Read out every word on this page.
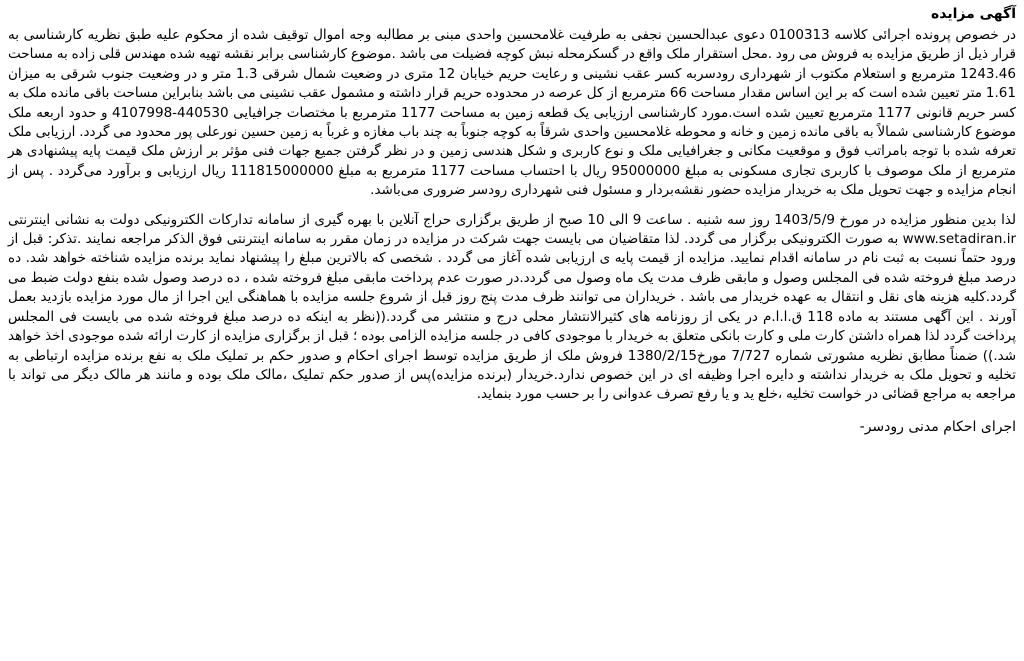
آگهی مزایده

در خصوص پرونده اجرائی کلاسه 0100313 دعوی عبدالحسین نجفی به طرفیت غلامحسین واحدی مبنی بر مطالبه وجه اموال توقیف شده از محکوم علیه طبق نظریه کارشناسی به قرار ذیل از طریق مزایده به فروش می رود .محل استقرار ملک واقع در گسکرمحله نبش کوچه فضیلت می باشد .موضوع کارشناسی برابر نقشه تهیه شده مهندس قلی زاده به مساحت 1243.46 مترمربع و استعلام مکتوب از شهرداری رودسربه کسر عقب نشینی و رعایت حریم خیابان 12 متری در وضعیت شمال شرقی 1.3 متر و در وضعیت جنوب شرقی به میزان 1.61 متر تعیین شده است که بر این اساس مقدار مساحت 66 مترمربع از کل عرصه در محدوده حریم قرار داشته و مشمول عقب نشینی می باشد بنابراین مساحت باقی مانده ملک به کسر حریم قانونی 1177 مترمربع تعیین شده است.مورد کارشناسی ارزیابی یک قطعه زمین به مساحت 1177 مترمربع با مختصات جرافیایی 440530-4107998 و حدود اربعه ملک موضوع کارشناسی شمالاً به باقی مانده زمین و خانه و محوطه غلامحسین واحدی شرقاً به کوچه جنوباً به چند باب مغازه و غرباً به زمین حسین نورعلی پور محدود می گردد. ارزیابی ملک تعرفه شده با توجه بامراتب فوق و موقعیت مکانی و جغرافیایی ملک و نوع کاربری و شکل هندسی زمین و در نظر گرفتن جمیع جهات فنی مؤثر بر ارزش ملک قیمت پایه پیشنهادی هر مترمربع از ملک موصوف با کاربری تجاری مسکونی به مبلغ 95000000 ریال با احتساب مساحت 1177 مترمربع به مبلغ 111815000000 ریال ارزیابی و برآورد می‌گردد . پس از انجام مزایده و جهت تحویل ملک به خریدار مزایده حضور نقشه‌بردار و مسئول فنی شهرداری رودسر ضروری می‌باشد.

لذا بدین منظور مزایده در مورخ 1403/5/9 روز سه شنبه . ساعت 9 الی 10 صبح از طریق برگزاری حراج آنلاین با بهره گیری از سامانه تدارکات الکترونیکی دولت به نشانی اینترنتی www.setadiran.ir به صورت الکترونیکی برگزار می گردد. لذا متقاضیان می بایست جهت شرکت در مزایده در زمان مقرر به سامانه اینترنتی فوق الذکر مراجعه نمایند .تذکر: قبل از ورود حتماً نسبت به ثبت نام در سامانه اقدام نمایید. مزایده از قیمت پایه ی ارزیابی شده آغاز می گردد . شخصی که بالاترین مبلغ را پیشنهاد نماید برنده مزایده شناخته خواهد شد. ده درصد مبلغ فروخته شده فی المجلس وصول و مابقی ظرف مدت یک ماه وصول می گردد.در صورت عدم پرداخت مابقی مبلغ فروخته شده ، ده درصد وصول شده بنفع دولت ضبط می گردد.کلیه هزینه های نقل و انتقال به عهده خریدار می باشد . خریداران می توانند ظرف مدت پنج روز قبل از شروع جلسه مزایده با هماهنگی این اجرا از مال مورد مزایده بازدید بعمل آورند . این آگهی مستند به ماده 118 ق.ا.ا.م در یکی از روزنامه های کثیرالانتشار محلی درج و منتشر می گردد.((نظر به اینکه ده درصد مبلغ فروخته شده می بایست فی المجلس پرداخت گردد لذا همراه داشتن کارت ملی و کارت بانکی متعلق به خریدار با موجودی کافی در جلسه مزایده الزامی بوده ؛ قبل از برگزاری مزایده از کارت ارائه شده موجودی اخذ خواهد شد.)) ضمناً مطابق نظریه مشورتی شماره 7/727 مورخ1380/2/15 فروش ملک از طریق مزایده توسط اجرای احکام و صدور حکم بر تملیک ملک به نفع برنده مزایده ارتباطی به تخلیه و تحویل ملک به خریدار نداشته و دایره اجرا وظیفه ای در این خصوص ندارد.خریدار (برنده مزایده)پس از صدور حکم تملیک ،مالک ملک بوده و مانند هر مالک دیگر می تواند با مراجعه به مراجع قضائی در خواست تخلیه ،خلع ید و یا رفع تصرف عدوانی را بر حسب مورد بنماید.

اجرای احکام مدنی رودسر-
